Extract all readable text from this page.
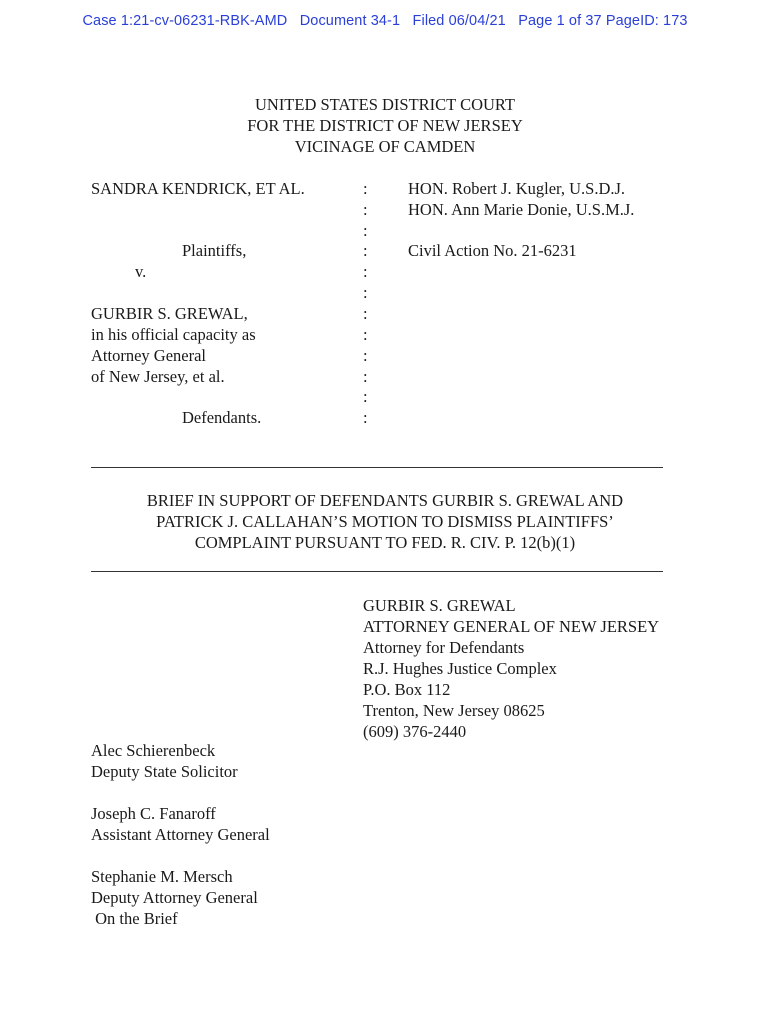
Case 1:21-cv-06231-RBK-AMD Document 34-1 Filed 06/04/21 Page 1 of 37 PageID: 173
UNITED STATES DISTRICT COURT
FOR THE DISTRICT OF NEW JERSEY
VICINAGE OF CAMDEN
SANDRA KENDRICK, ET AL.
Plaintiffs,
v.
GURBIR S. GREWAL,
in his official capacity as
Attorney General
of New Jersey, et al.
Defendants.
:
:
:
:
:
:
:
:
:
:
:
:
HON. Robert J. Kugler, U.S.D.J.
HON. Ann Marie Donie, U.S.M.J.
Civil Action No. 21-6231
BRIEF IN SUPPORT OF DEFENDANTS GURBIR S. GREWAL AND
PATRICK J. CALLAHAN’S MOTION TO DISMISS PLAINTIFFS’
COMPLAINT PURSUANT TO FED. R. CIV. P. 12(b)(1)
GURBIR S. GREWAL
ATTORNEY GENERAL OF NEW JERSEY
Attorney for Defendants
R.J. Hughes Justice Complex
P.O. Box 112
Trenton, New Jersey 08625
(609) 376-2440
Alec Schierenbeck
Deputy State Solicitor
Joseph C. Fanaroff
Assistant Attorney General
Stephanie M. Mersch
Deputy Attorney General
On the Brief
